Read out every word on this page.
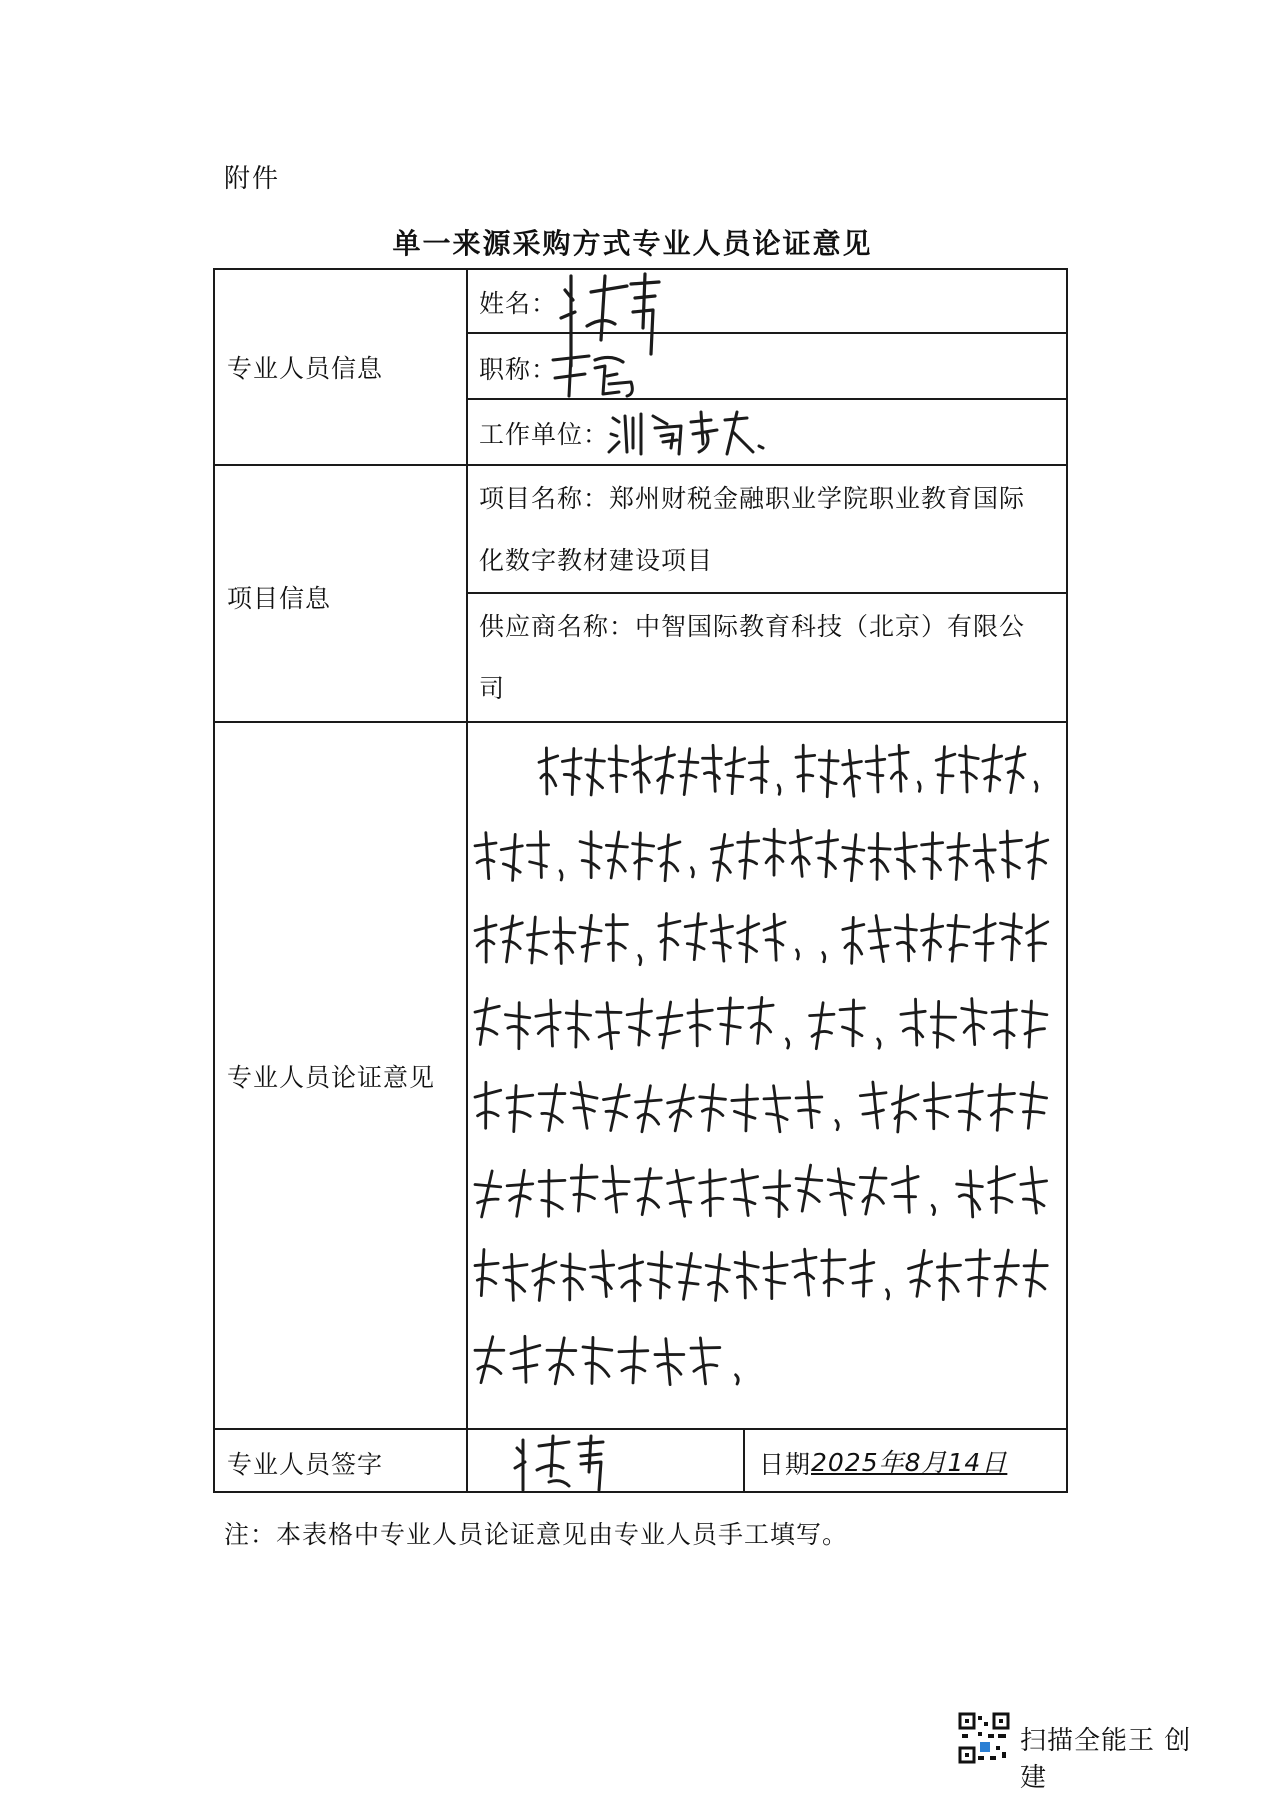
附件
单一来源采购方式专业人员论证意见
专业人员信息
姓名：
职称：
工作单位：
项目信息
项目名称：郑州财税金融职业学院职业教育国际
化数字教材建设项目
供应商名称：中智国际教育科技（北京）有限公
司
专业人员论证意见
专业人员签字	日期 2025年8月14日
注：本表格中专业人员论证意见由专业人员手工填写。
扫描全能王 创建
